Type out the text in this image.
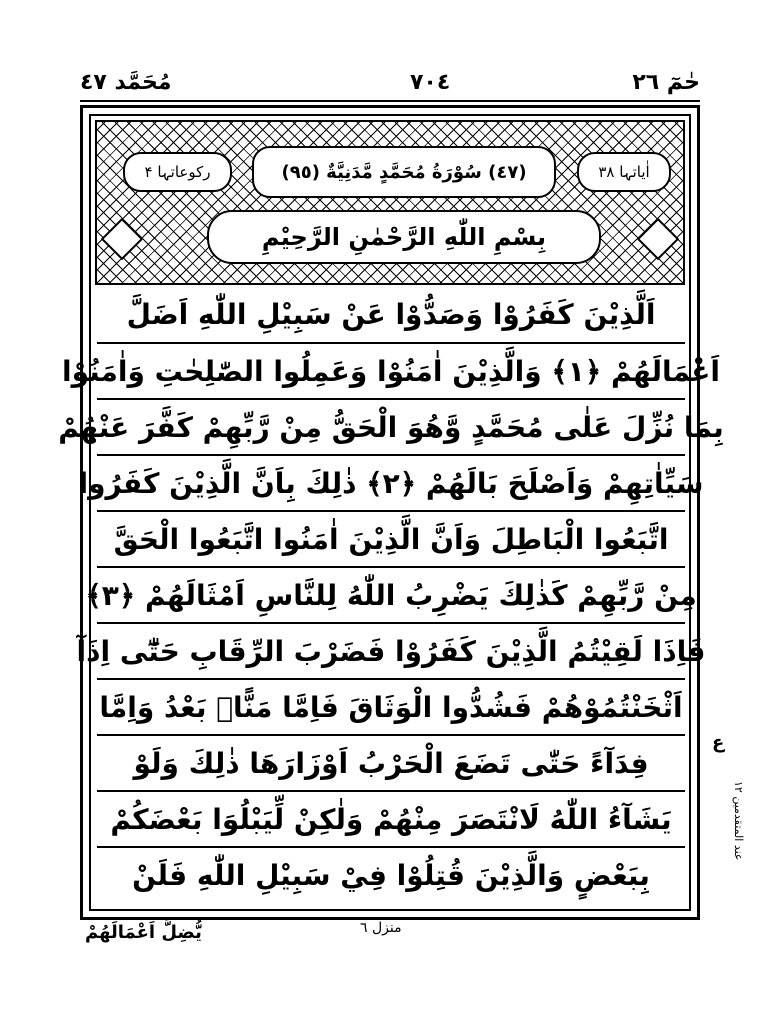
مُحَمَّد ٤٧	٧٠٤	حٰمٓ ٢٦
رکوعاتہا ۴	(٤٧) سُوْرَةُ مُحَمَّدٍ مَّدَنِيَّةٌ (٩٥)	اٰیاتہا ٣٨
بِسْمِ اللّٰهِ الرَّحْمٰنِ الرَّحِيْمِ
اَلَّذِيْنَ كَفَرُوْا وَصَدُّوْا عَنْ سَبِيْلِ اللّٰهِ اَضَلَّ
اَعْمَالَهُمْ ﴿١﴾ وَالَّذِيْنَ اٰمَنُوْا وَعَمِلُوا الصّٰلِحٰتِ وَاٰمَنُوْا
بِمَا نُزِّلَ عَلٰى مُحَمَّدٍ وَّهُوَ الْحَقُّ مِنْ رَّبِّهِمْ كَفَّرَ عَنْهُمْ
سَيِّاٰتِهِمْ وَاَصْلَحَ بَالَهُمْ ﴿٢﴾ ذٰلِكَ بِاَنَّ الَّذِيْنَ كَفَرُوا
اتَّبَعُوا الْبَاطِلَ وَاَنَّ الَّذِيْنَ اٰمَنُوا اتَّبَعُوا الْحَقَّ
مِنْ رَّبِّهِمْ كَذٰلِكَ يَضْرِبُ اللّٰهُ لِلنَّاسِ اَمْثَالَهُمْ ﴿٣﴾
فَاِذَا لَقِيْتُمُ الَّذِيْنَ كَفَرُوْا فَضَرْبَ الرِّقَابِ حَتّٰٓى اِذَآ
اَثْخَنْتُمُوْهُمْ فَشُدُّوا الْوَثَاقَ فَاِمَّا مَنًّاۢ بَعْدُ وَاِمَّا
فِدَآءً حَتّٰى تَضَعَ الْحَرْبُ اَوْزَارَهَا ذٰلِكَ وَلَوْ
يَشَآءُ اللّٰهُ لَانْتَصَرَ مِنْهُمْ وَلٰكِنْ لِّيَبْلُوَا بَعْضَكُمْ
بِبَعْضٍ وَالَّذِيْنَ قُتِلُوْا فِيْ سَبِيْلِ اللّٰهِ فَلَنْ
عند المتقدمین ١٢
ع
يُّضِلَّ اَعْمَالَهُمْ	منزل ٦
